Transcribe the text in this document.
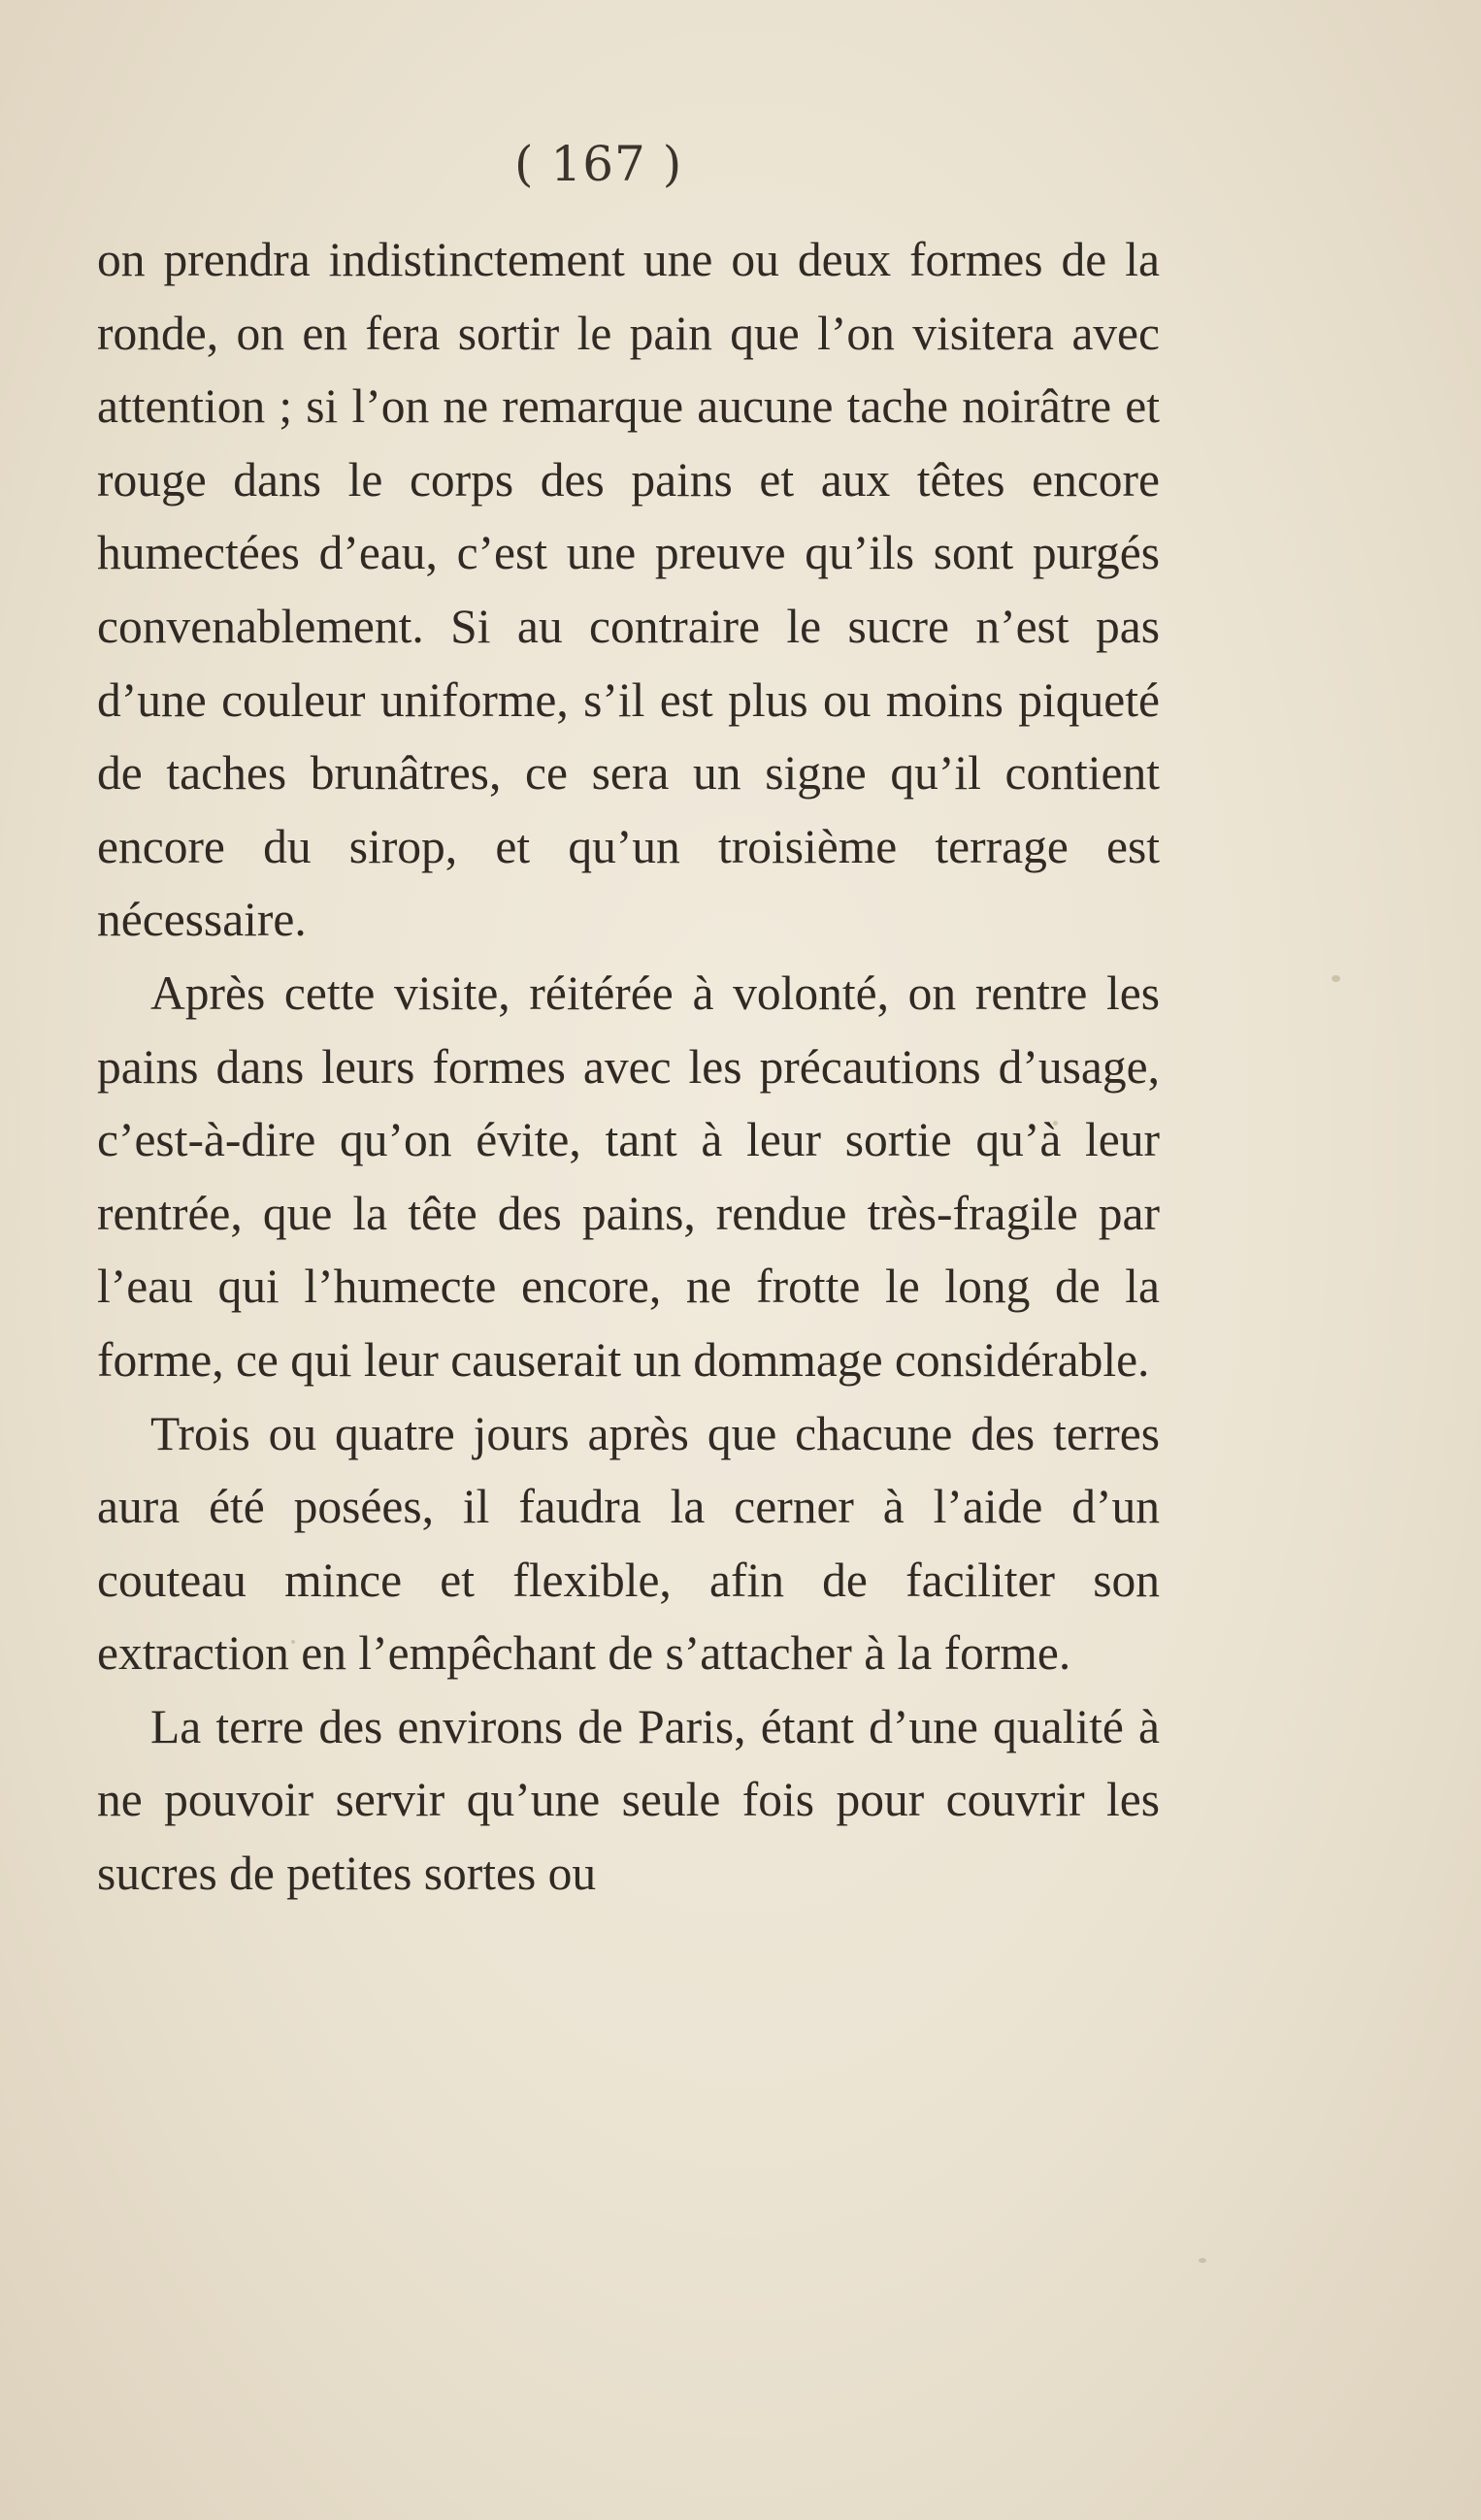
( 167 )

on prendra indistinctement une ou deux formes de la ronde, on en fera sortir le pain que l’on visitera avec attention ; si l’on ne remarque aucune tache noirâtre et rouge dans le corps des pains et aux têtes encore humectées d’eau, c’est une preuve qu’ils sont purgés convenablement. Si au contraire le sucre n’est pas d’une couleur uniforme, s’il est plus ou moins piqueté de taches brunâtres, ce sera un signe qu’il contient encore du sirop, et qu’un troisième terrage est nécessaire.

Après cette visite, réitérée à volonté, on rentre les pains dans leurs formes avec les précautions d’usage, c’est-à-dire qu’on évite, tant à leur sortie qu’à leur rentrée, que la tête des pains, rendue très-fragile par l’eau qui l’humecte encore, ne frotte le long de la forme, ce qui leur causerait un dommage considérable.

Trois ou quatre jours après que chacune des terres aura été posées, il faudra la cerner à l’aide d’un couteau mince et flexible, afin de faciliter son extraction en l’empêchant de s’attacher à la forme.

La terre des environs de Paris, étant d’une qualité à ne pouvoir servir qu’une seule fois pour couvrir les sucres de petites sortes ou
